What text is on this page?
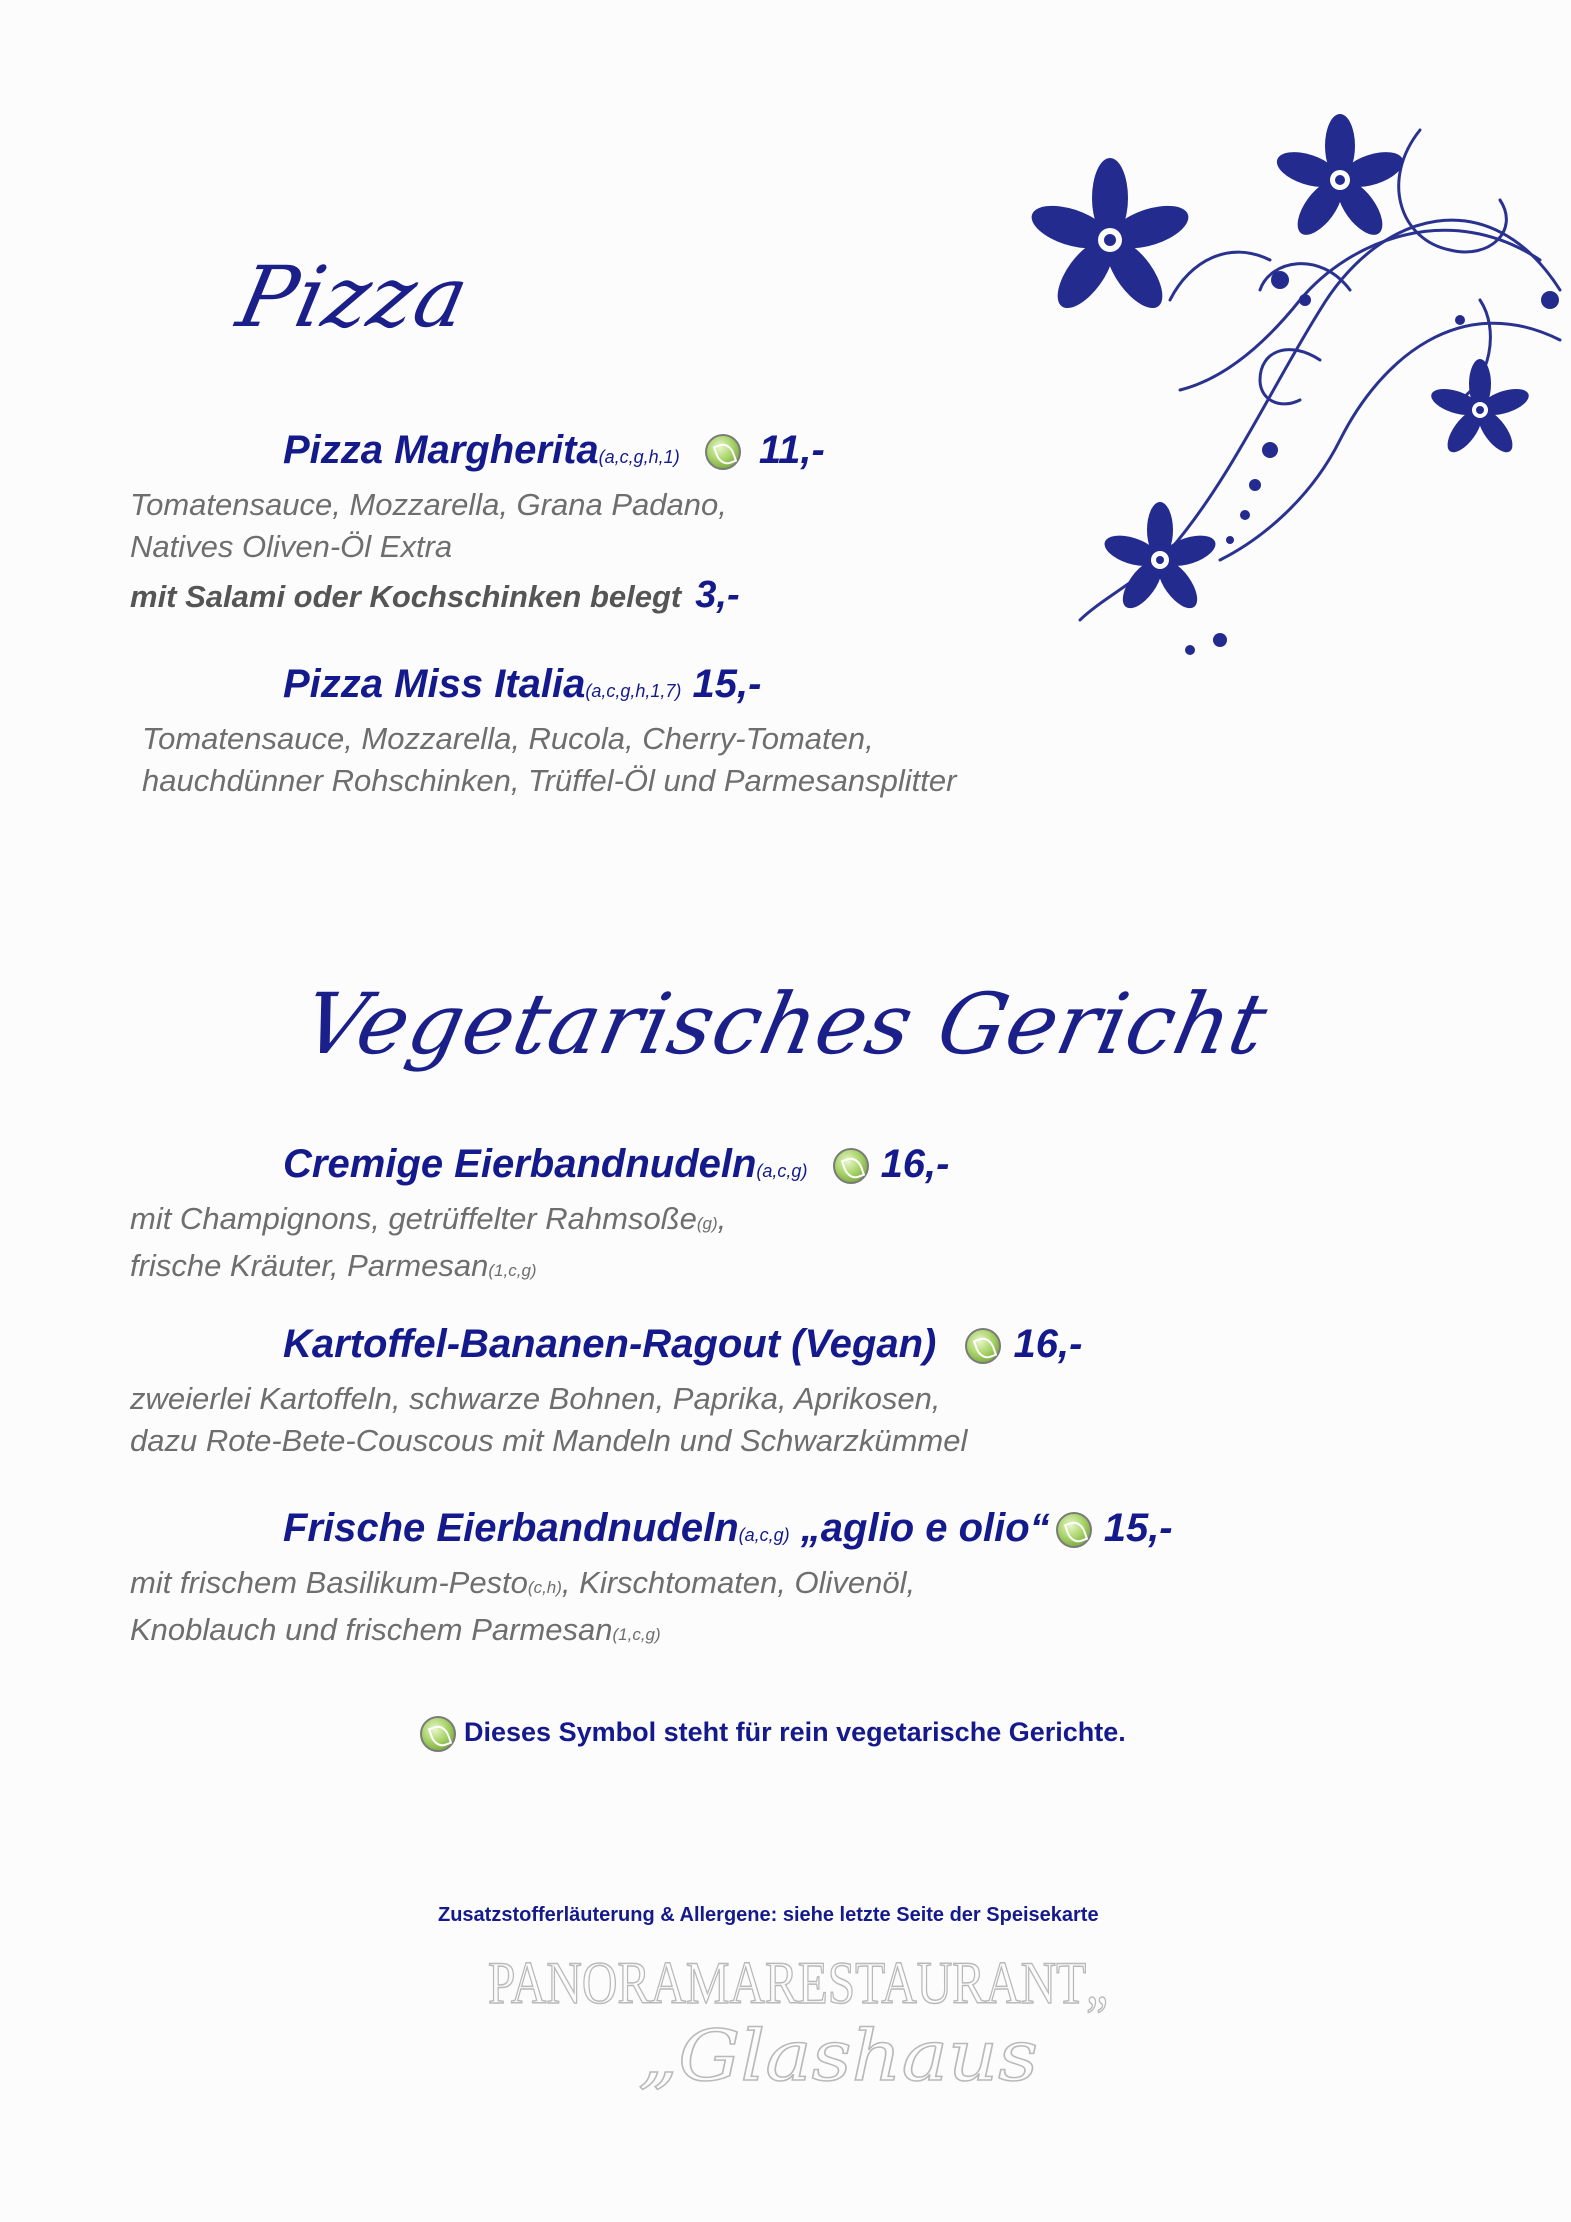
Pizza
Pizza Margherita(a,c,g,h,1) 11,-
Tomatensauce, Mozzarella, Grana Padano,
Natives Oliven-Öl Extra
mit Salami oder Kochschinken belegt 3,-
Pizza Miss Italia(a,c,g,h,1,7) 15,-
Tomatensauce, Mozzarella, Rucola, Cherry-Tomaten,
hauchdünner Rohschinken, Trüffel-Öl und Parmesansplitter
Vegetarisches Gericht
Cremige Eierbandnudeln(a,c,g) 16,-
mit Champignons, getrüffelter Rahmsoße(g),
frische Kräuter, Parmesan(1,c,g)
Kartoffel-Bananen-Ragout (Vegan) 16,-
zweierlei Kartoffeln, schwarze Bohnen, Paprika, Aprikosen,
dazu Rote-Bete-Couscous mit Mandeln und Schwarzkümmel
Frische Eierbandnudeln(a,c,g) „aglio e olio“ 15,-
mit frischem Basilikum-Pesto(c,h), Kirschtomaten, Olivenöl,
Knoblauch und frischem Parmesan(1,c,g)
Dieses Symbol steht für rein vegetarische Gerichte.
Zusatzstofferläuterung & Allergene: siehe letzte Seite der Speisekarte
PANORAMARESTAURANT„
„Glashaus
